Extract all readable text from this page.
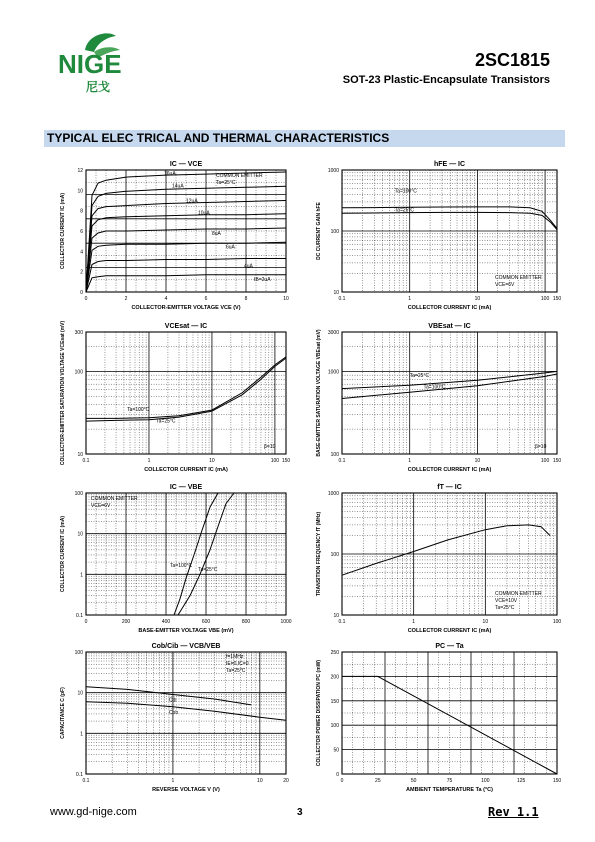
NIGE
尼戈
2SC1815
SOT-23 Plastic-Encapsulate Transistors
TYPICAL ELEC TRICAL AND THERMAL CHARACTERISTICS
0	2	4	6	8	10
0
2
4
6
8
10
12
IC — VCE
COLLECTOR-EMITTER VOLTAGE VCE (V)
COLLECTOR CURRENT IC (mA)
16uA
14uA
12uA
10uA
8uA
6uA
4uA
IB=2uA
COMMON EMITTER
Ta=25°C
0.1	1	10	100 150
10
100
1000
hFE — IC
COLLECTOR CURRENT IC (mA)
DC CURRENT GAIN hFE
Ta=100°C
Ta=25°C
COMMON EMITTER
VCE=6V
0.1	1	10	100 150
10
100
300
VCEsat — IC
COLLECTOR CURRENT IC (mA)
COLLECTOR-EMITTER SATURATION VOLTAGE VCEsat (mV)	Ta=100°C
Ta=25°C
β=10
0.1	1	10	100 150
100
1000
3000
VBEsat — IC
COLLECTOR CURRENT IC (mA)
BASE-EMITTER SATURATION VOLTAGE VBEsat (mV)	Ta=25°C
Ta=100°C
β=10
0	200	400	600	800	1000
0.1
1
10
100
IC — VBE
BASE-EMITTER VOLTAGE VBE (mV)
COLLECTOR CURRENT IC (mA)	Ta=100°C
Ta=25°C
COMMON EMITTER
VCE=6V
0.1	1	10	100
10
100
1000
fT — IC
COLLECTOR CURRENT IC (mA)
TRANSITION FREQUENCY fT (MHz)	COMMON EMITTER
VCE=10V
Ta=25°C
0.1	1	10	20
0.1
1
10
100
Cob/Cib — VCB/VEB
REVERSE VOLTAGE V (V)
CAPACITANCE C (pF)	Cib
Cob
f=1MHz
IE=0,IC=0
Ta=25°C
0	25	50	75	100	125	150
0
50
100
150
200
250
PC — Ta
AMBIENT TEMPERATURE Ta (°C)
COLLECTOR POWER DISSIPATION PC (mW)
www.gd-nige.com	3	Rev 1.1
